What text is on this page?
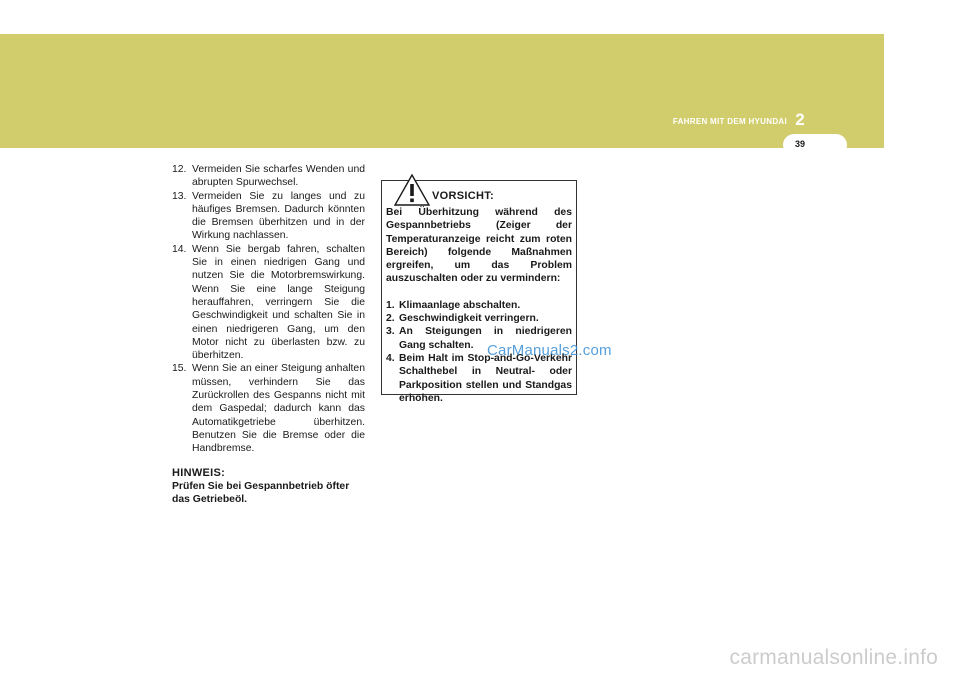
FAHREN MIT DEM HYUNDAI 2
39
12. Vermeiden Sie scharfes Wenden und abrupten Spurwechsel.
13. Vermeiden Sie zu langes und zu häufiges Bremsen. Dadurch könnten die Bremsen überhitzen und in der Wirkung nachlassen.
14. Wenn Sie bergab fahren, schalten Sie in einen niedrigen Gang und nutzen Sie die Motorbremswirkung. Wenn Sie eine lange Steigung herauffahren, verringern Sie die Geschwindigkeit und schalten Sie in einen niedrigeren Gang, um den Motor nicht zu überlasten bzw. zu überhitzen.
15. Wenn Sie an einer Steigung anhalten müssen, verhindern Sie das Zurückrollen des Gespanns nicht mit dem Gaspedal; dadurch kann das Automatikgetriebe überhitzen. Benutzen Sie die Bremse oder die Handbremse.
HINWEIS:
Prüfen Sie bei Gespannbetrieb öfter das Getriebeöl.
VORSICHT:
Bei Überhitzung während des Gespannbetriebs (Zeiger der Temperaturanzeige reicht zum roten Bereich) folgende Maßnahmen ergreifen, um das Problem auszuschalten oder zu vermindern:
1. Klimaanlage abschalten.
2. Geschwindigkeit verringern.
3. An Steigungen in niedrigeren Gang schalten.
4. Beim Halt im Stop-and-Go-Verkehr Schalthebel in Neutral- oder Parkposition stellen und Standgas erhöhen.
CarManuals2.com
carmanualsonline.info
